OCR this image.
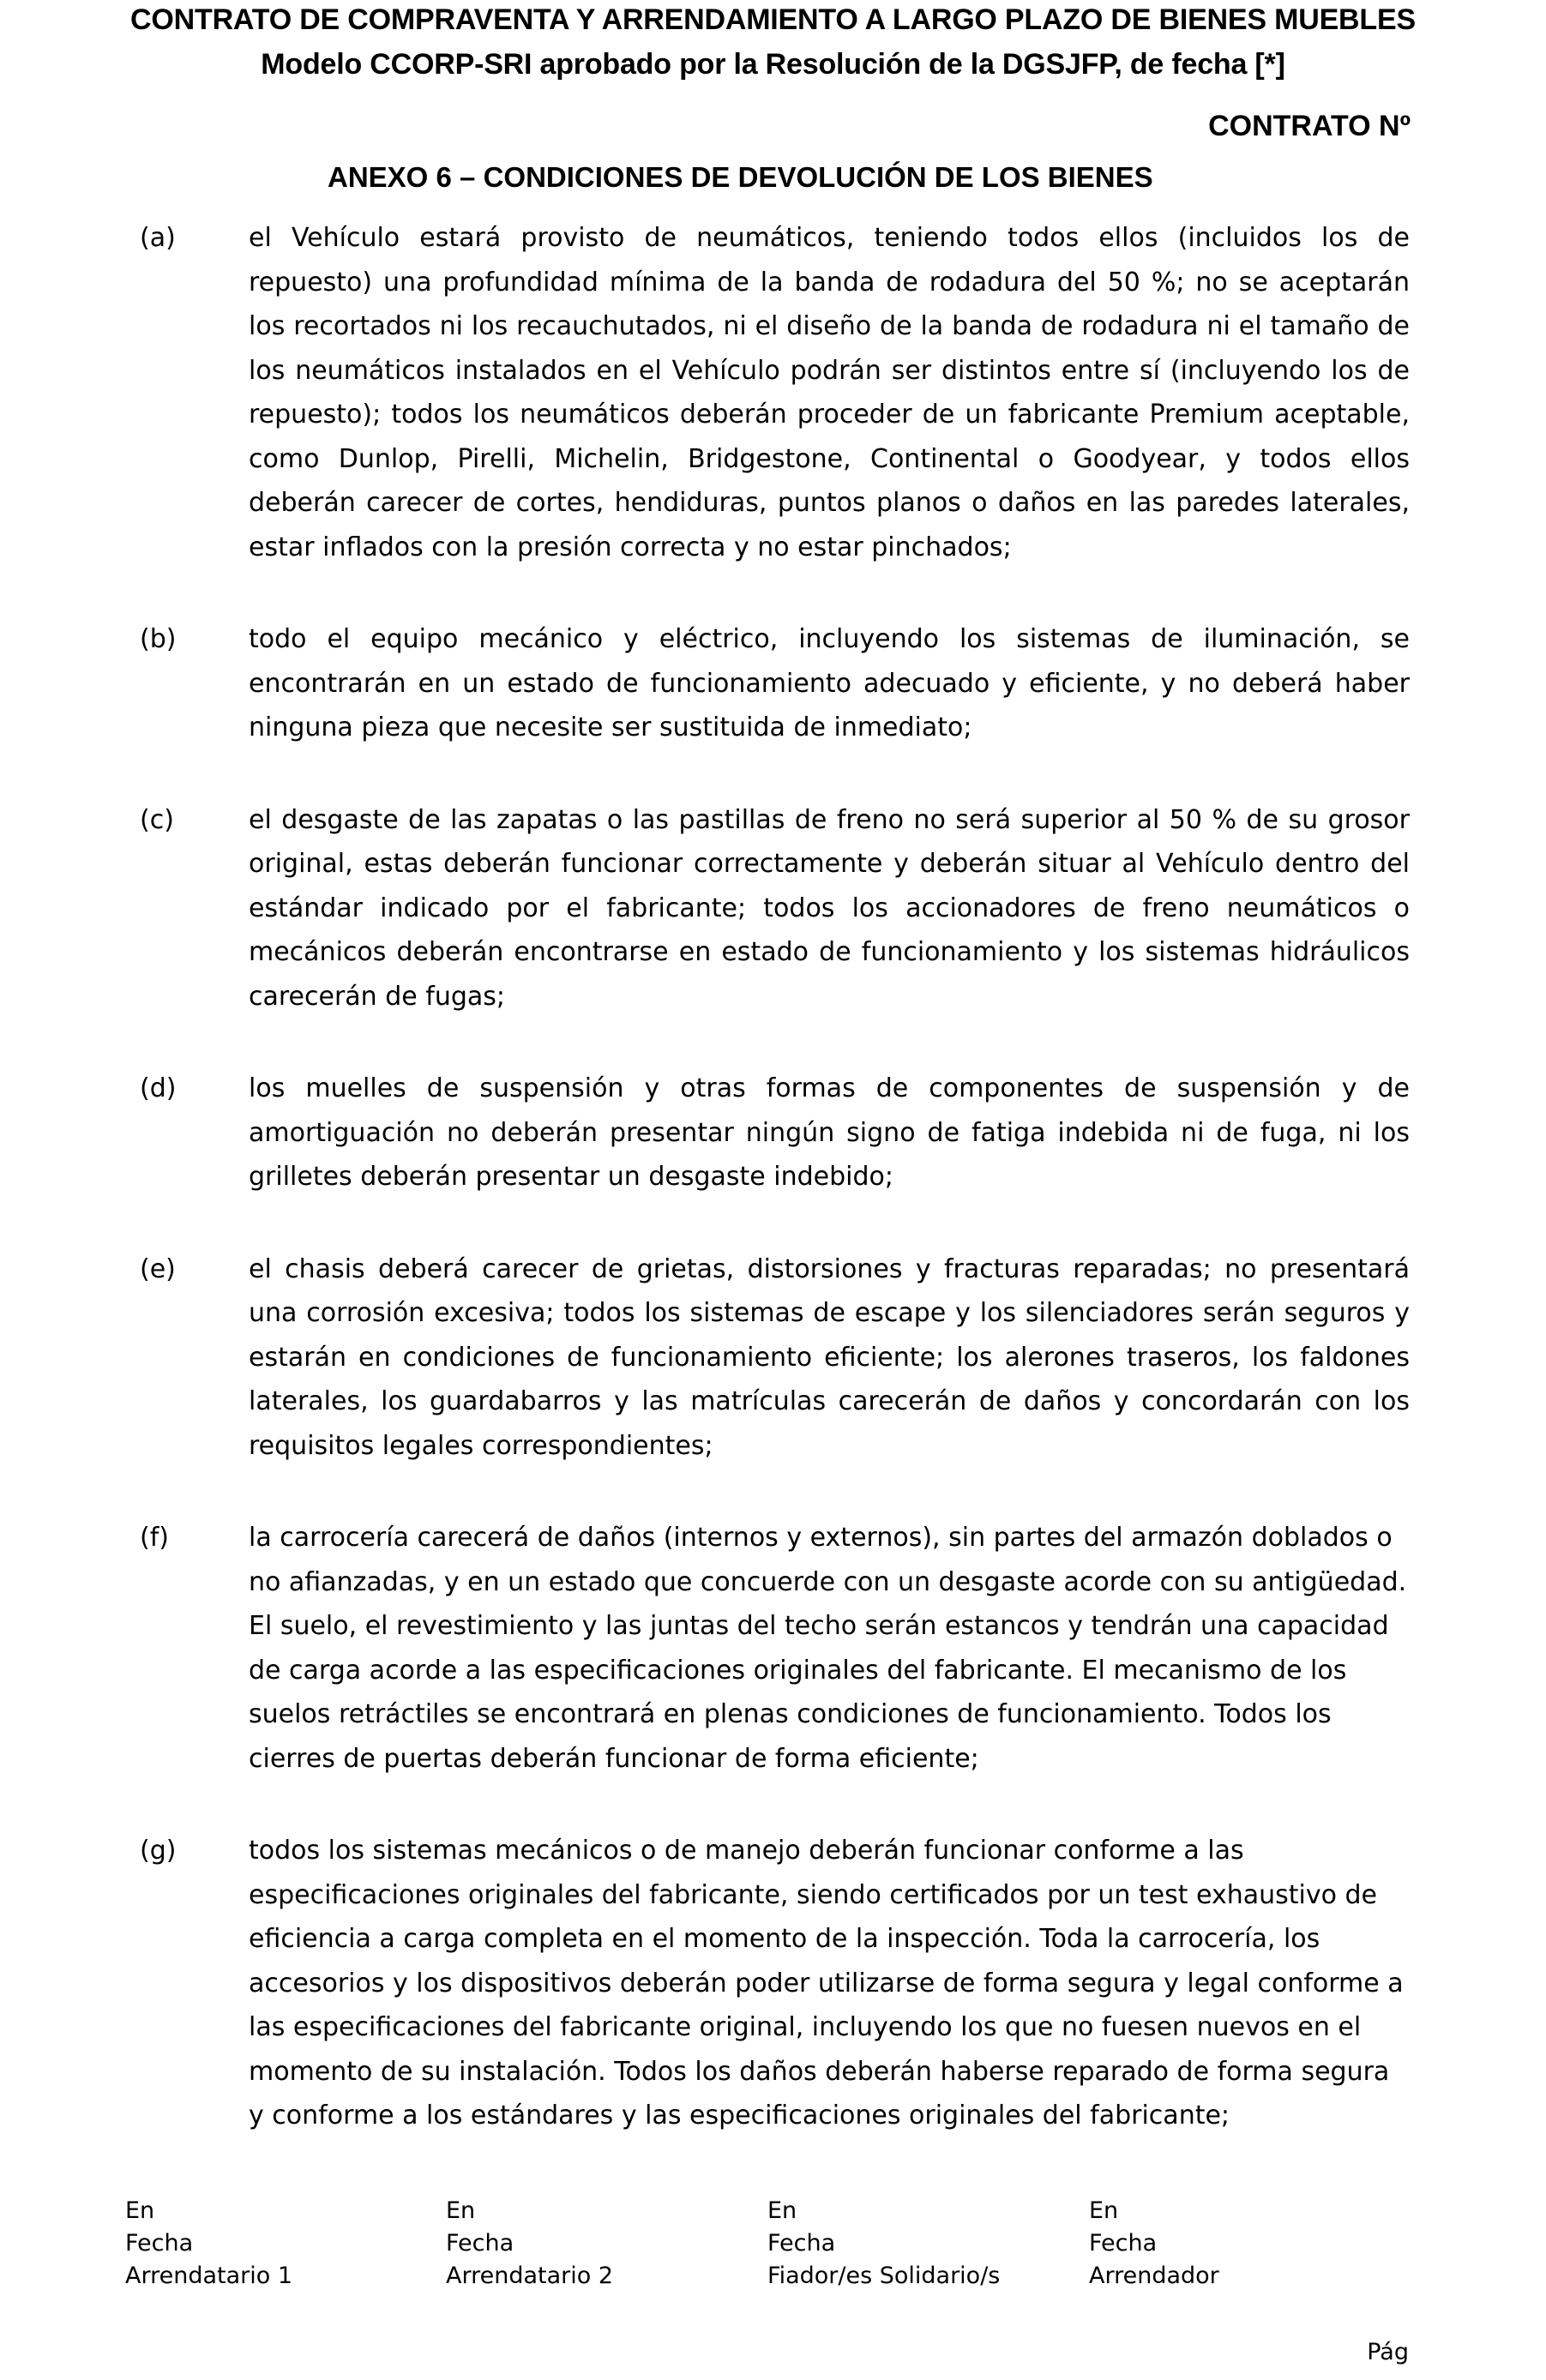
CONTRATO DE COMPRAVENTA Y ARRENDAMIENTO A LARGO PLAZO DE BIENES MUEBLES
Modelo CCORP-SRI aprobado por la Resolución de la DGSJFP, de fecha [*]
CONTRATO Nº
ANEXO 6 – CONDICIONES DE DEVOLUCIÓN DE LOS BIENES
(a)	el Vehículo estará provisto de neumáticos, teniendo todos ellos (incluidos los de repuesto) una profundidad mínima de la banda de rodadura del 50 %; no se aceptarán los recortados ni los recauchutados, ni el diseño de la banda de rodadura ni el tamaño de los neumáticos instalados en el Vehículo podrán ser distintos entre sí (incluyendo los de repuesto); todos los neumáticos deberán proceder de un fabricante Premium aceptable, como Dunlop, Pirelli, Michelin, Bridgestone, Continental o Goodyear, y todos ellos deberán carecer de cortes, hendiduras, puntos planos o daños en las paredes laterales, estar inflados con la presión correcta y no estar pinchados;
(b)	todo el equipo mecánico y eléctrico, incluyendo los sistemas de iluminación, se encontrarán en un estado de funcionamiento adecuado y eficiente, y no deberá haber ninguna pieza que necesite ser sustituida de inmediato;
(c)	el desgaste de las zapatas o las pastillas de freno no será superior al 50 % de su grosor original, estas deberán funcionar correctamente y deberán situar al Vehículo dentro del estándar indicado por el fabricante; todos los accionadores de freno neumáticos o mecánicos deberán encontrarse en estado de funcionamiento y los sistemas hidráulicos carecerán de fugas;
(d)	los muelles de suspensión y otras formas de componentes de suspensión y de amortiguación no deberán presentar ningún signo de fatiga indebida ni de fuga, ni los grilletes deberán presentar un desgaste indebido;
(e)	el chasis deberá carecer de grietas, distorsiones y fracturas reparadas; no presentará una corrosión excesiva; todos los sistemas de escape y los silenciadores serán seguros y estarán en condiciones de funcionamiento eficiente; los alerones traseros, los faldones laterales, los guardabarros y las matrículas carecerán de daños y concordarán con los requisitos legales correspondientes;
(f)	la carrocería carecerá de daños (internos y externos), sin partes del armazón doblados o no afianzadas, y en un estado que concuerde con un desgaste acorde con su antigüedad. El suelo, el revestimiento y las juntas del techo serán estancos y tendrán una capacidad de carga acorde a las especificaciones originales del fabricante. El mecanismo de los suelos retráctiles se encontrará en plenas condiciones de funcionamiento. Todos los cierres de puertas deberán funcionar de forma eficiente;
(g)	todos los sistemas mecánicos o de manejo deberán funcionar conforme a las especificaciones originales del fabricante, siendo certificados por un test exhaustivo de eficiencia a carga completa en el momento de la inspección. Toda la carrocería, los accesorios y los dispositivos deberán poder utilizarse de forma segura y legal conforme a las especificaciones del fabricante original, incluyendo los que no fuesen nuevos en el momento de su instalación. Todos los daños deberán haberse reparado de forma segura y conforme a los estándares y las especificaciones originales del fabricante;
En
Fecha
Arrendatario 1
En
Fecha
Arrendatario 2
En
Fecha
Fiador/es Solidario/s
En
Fecha
Arrendador
Pág
